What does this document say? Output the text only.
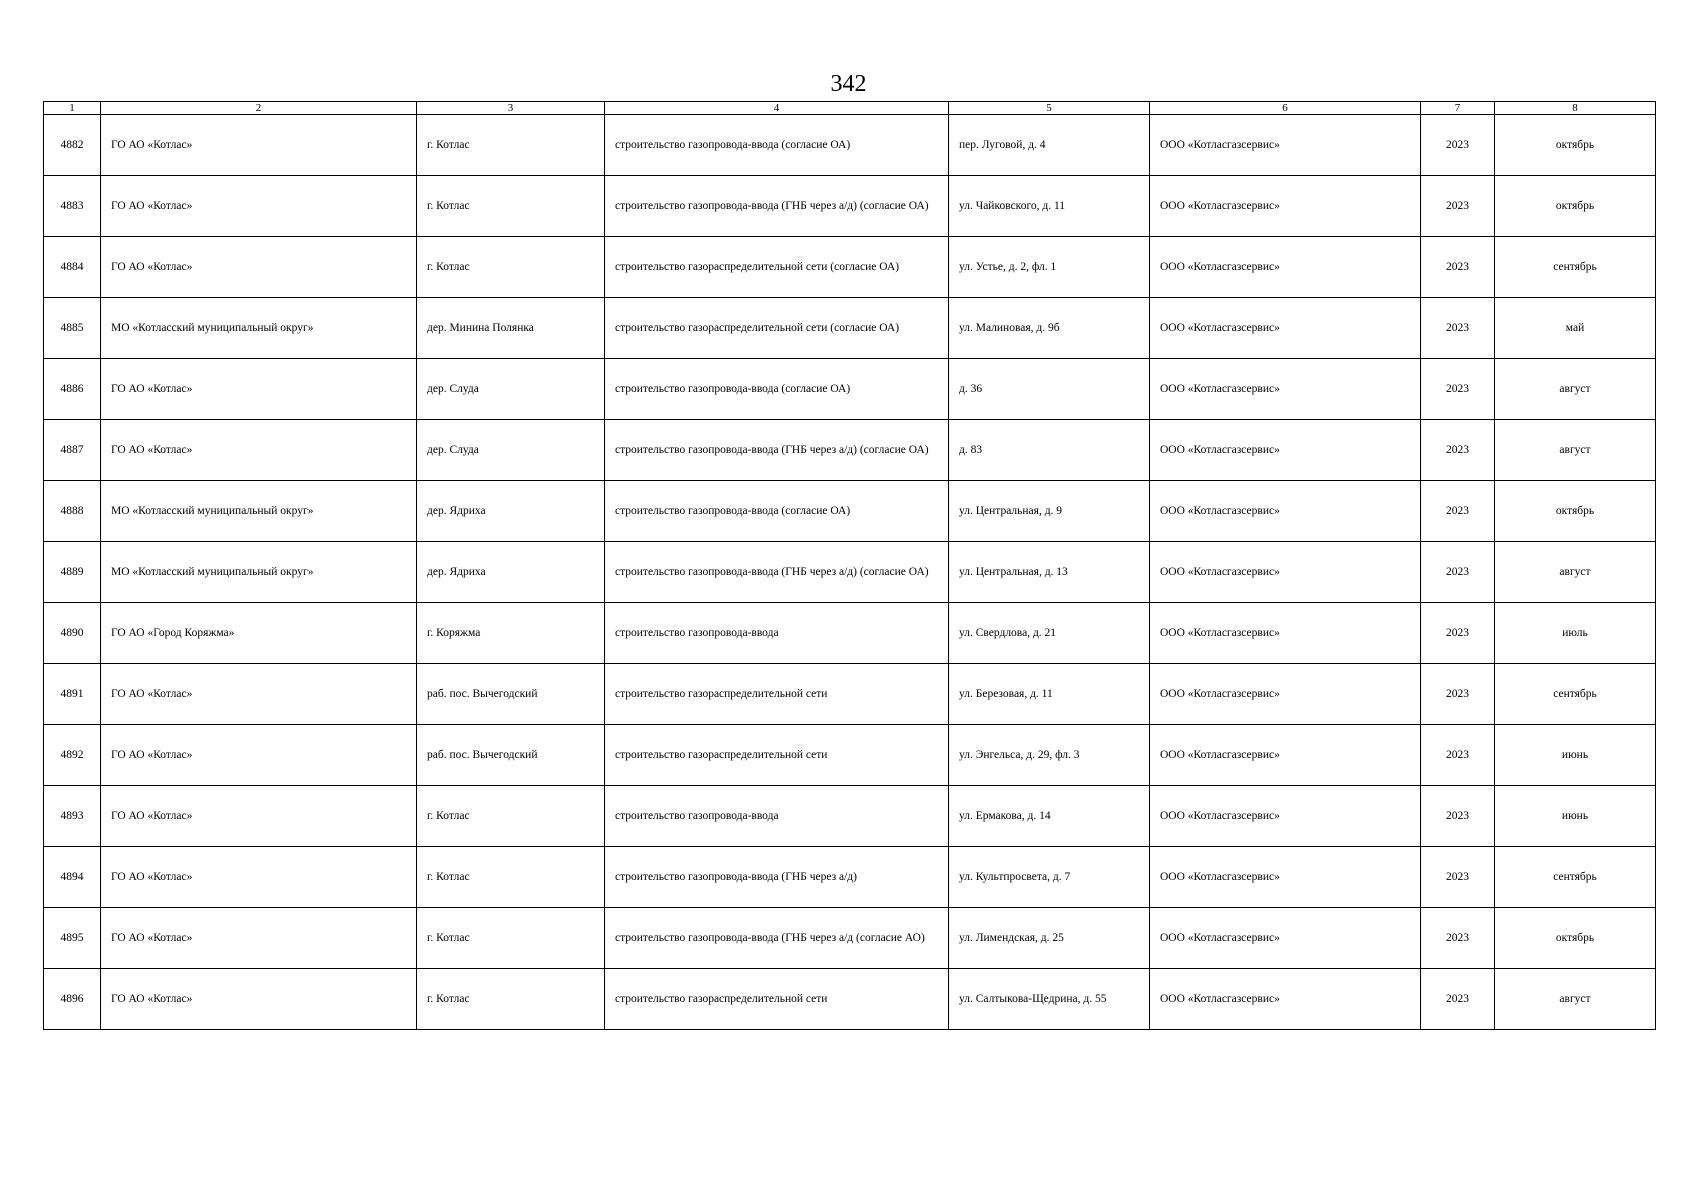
342
1	2	3	4	5	6	7	8
4882	ГО АО «Котлас»	г. Котлас	строительство газопровода-ввода (согласие ОА)	пер. Луговой, д. 4	ООО «Котласгазсервис»	2023	октябрь
4883	ГО АО «Котлас»	г. Котлас	строительство газопровода-ввода (ГНБ через а/д) (согласие ОА)	ул. Чайковского, д. 11	ООО «Котласгазсервис»	2023	октябрь
4884	ГО АО «Котлас»	г. Котлас	строительство газораспределительной сети (согласие ОА)	ул. Устье, д. 2, фл. 1	ООО «Котласгазсервис»	2023	сентябрь
4885	МО «Котласский муниципальный округ»	дер. Минина Полянка	строительство газораспределительной сети (согласие ОА)	ул. Малиновая, д. 9б	ООО «Котласгазсервис»	2023	май
4886	ГО АО «Котлас»	дер. Слуда	строительство газопровода-ввода (согласие ОА)	д. 36	ООО «Котласгазсервис»	2023	август
4887	ГО АО «Котлас»	дер. Слуда	строительство газопровода-ввода (ГНБ через а/д) (согласие ОА)	д. 83	ООО «Котласгазсервис»	2023	август
4888	МО «Котласский муниципальный округ»	дер. Ядриха	строительство газопровода-ввода (согласие ОА)	ул. Центральная, д. 9	ООО «Котласгазсервис»	2023	октябрь
4889	МО «Котласский муниципальный округ»	дер. Ядриха	строительство газопровода-ввода (ГНБ через а/д) (согласие ОА)	ул. Центральная, д. 13	ООО «Котласгазсервис»	2023	август
4890	ГО АО «Город Коряжма»	г. Коряжма	строительство газопровода-ввода	ул. Свердлова, д. 21	ООО «Котласгазсервис»	2023	июль
4891	ГО АО «Котлас»	раб. пос. Вычегодский	строительство газораспределительной сети	ул. Березовая, д. 11	ООО «Котласгазсервис»	2023	сентябрь
4892	ГО АО «Котлас»	раб. пос. Вычегодский	строительство газораспределительной сети	ул. Энгельса, д. 29, фл. 3	ООО «Котласгазсервис»	2023	июнь
4893	ГО АО «Котлас»	г. Котлас	строительство газопровода-ввода	ул. Ермакова, д. 14	ООО «Котласгазсервис»	2023	июнь
4894	ГО АО «Котлас»	г. Котлас	строительство газопровода-ввода (ГНБ через а/д)	ул. Культпросвета, д. 7	ООО «Котласгазсервис»	2023	сентябрь
4895	ГО АО «Котлас»	г. Котлас	строительство газопровода-ввода (ГНБ через а/д (согласие АО)	ул. Лимендская, д. 25	ООО «Котласгазсервис»	2023	октябрь
4896	ГО АО «Котлас»	г. Котлас	строительство газораспределительной сети	ул. Салтыкова-Щедрина, д. 55	ООО «Котласгазсервис»	2023	август
